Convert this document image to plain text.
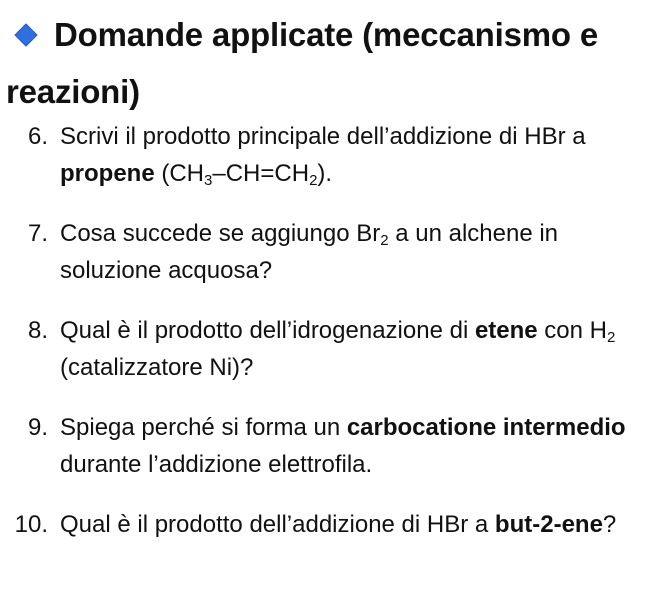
Domande applicate (meccanismo e reazioni)
6. Scrivi il prodotto principale dell’addizione di HBr a propene $(CH_3-CH=CH_2)$.
7. Cosa succede se aggiungo $Br_2$ a un alchene in soluzione acquosa?
8. Qual è il prodotto dell’idrogenazione di etene con $H_2$ (catalizzatore Ni)?
9. Spiega perché si forma un carbocatione intermedio durante l’addizione elettrofila.
10. Qual è il prodotto dell’addizione di HBr a but-2-ene?
